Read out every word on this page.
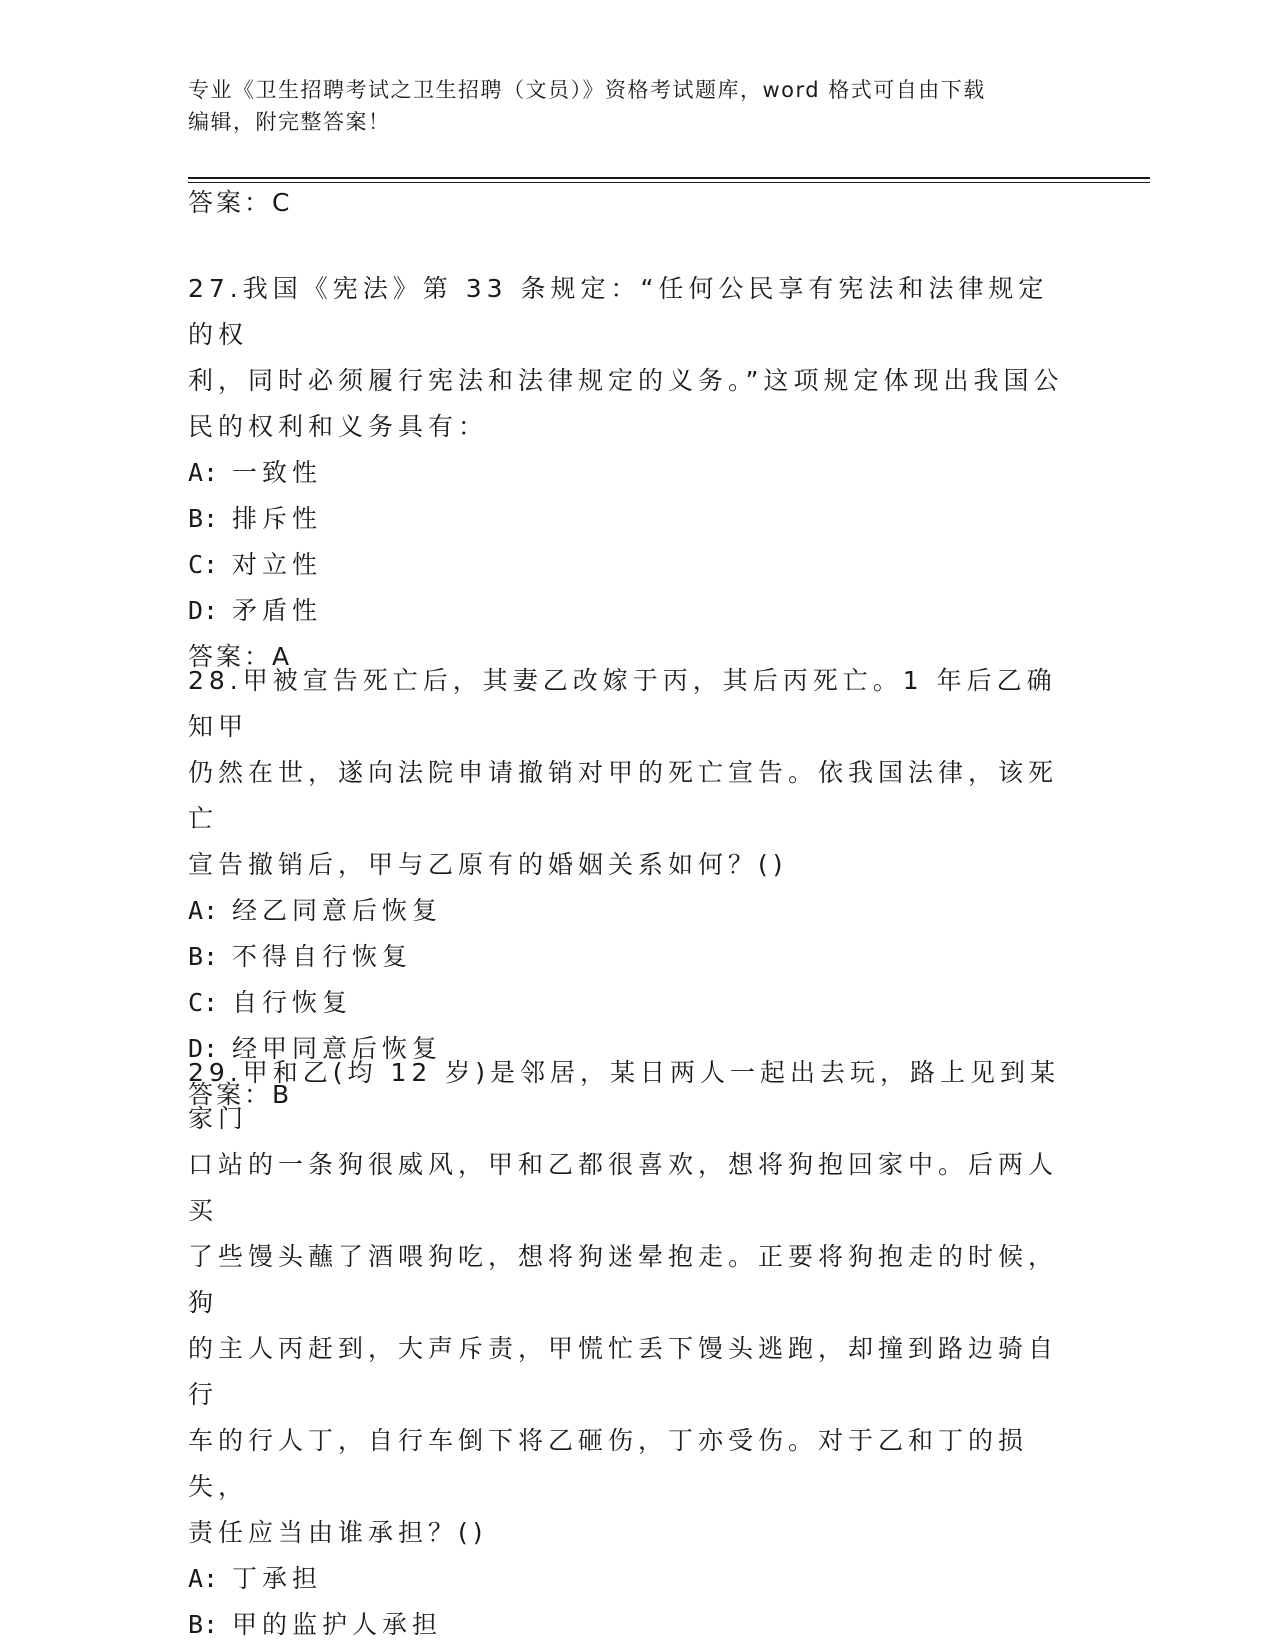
专业《卫生招聘考试之卫生招聘（文员）》资格考试题库，word 格式可自由下载
编辑，附完整答案！
答案：C
27.我国《宪法》第 33 条规定：“任何公民享有宪法和法律规定的权
利，同时必须履行宪法和法律规定的义务。”这项规定体现出我国公
民的权利和义务具有：
A: 一致性
B: 排斥性
C: 对立性
D: 矛盾性
答案：A
28.甲被宣告死亡后，其妻乙改嫁于丙，其后丙死亡。1 年后乙确知甲
仍然在世，遂向法院申请撤销对甲的死亡宣告。依我国法律，该死亡
宣告撤销后，甲与乙原有的婚姻关系如何？()
A: 经乙同意后恢复
B: 不得自行恢复
C: 自行恢复
D: 经甲同意后恢复
答案：B
29.甲和乙(均 12 岁)是邻居，某日两人一起出去玩，路上见到某家门
口站的一条狗很威风，甲和乙都很喜欢，想将狗抱回家中。后两人买
了些馒头蘸了酒喂狗吃，想将狗迷晕抱走。正要将狗抱走的时候，狗
的主人丙赶到，大声斥责，甲慌忙丢下馒头逃跑，却撞到路边骑自行
车的行人丁，自行车倒下将乙砸伤，丁亦受伤。对于乙和丁的损失，
责任应当由谁承担？()
A: 丁承担
B: 甲的监护人承担
